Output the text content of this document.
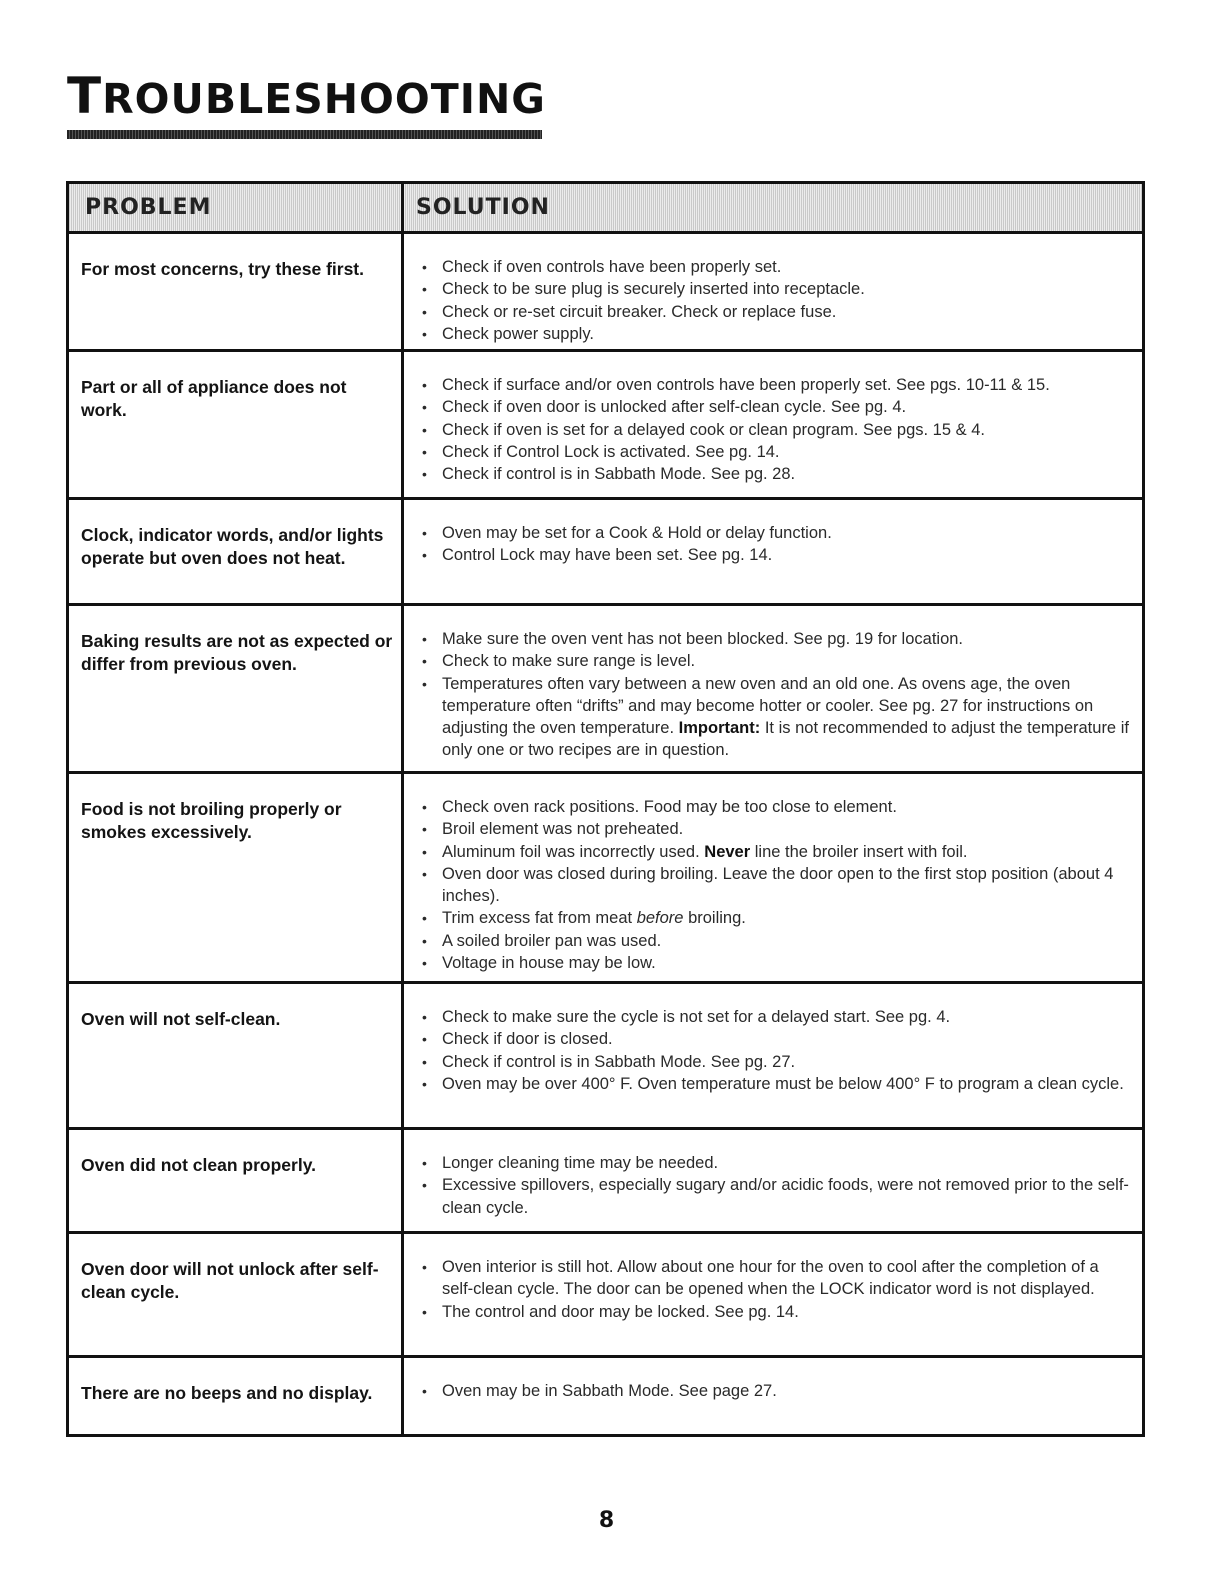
TROUBLESHOOTING
PROBLEM	SOLUTION
For most concerns, try these first.	• Check if oven controls have been properly set.
• Check to be sure plug is securely inserted into receptacle.
• Check or re-set circuit breaker. Check or replace fuse.
• Check power supply.
Part or all of appliance does not work.
• Check if surface and/or oven controls have been properly set. See pgs. 10-11 & 15.
• Check if oven door is unlocked after self-clean cycle. See pg. 4.
• Check if oven is set for a delayed cook or clean program. See pgs. 15 & 4.
• Check if Control Lock is activated. See pg. 14.
• Check if control is in Sabbath Mode. See pg. 28.
Clock, indicator words, and/or lights operate but oven does not heat.
• Oven may be set for a Cook & Hold or delay function.
• Control Lock may have been set. See pg. 14.
Baking results are not as expected or differ from previous oven.
• Make sure the oven vent has not been blocked. See pg. 19 for location.
• Check to make sure range is level.
• Temperatures often vary between a new oven and an old one. As ovens age, the oven temperature often “drifts” and may become hotter or cooler. See pg. 27 for instructions on adjusting the oven temperature. Important: It is not recommended to adjust the temperature if only one or two recipes are in question.
Food is not broiling properly or smokes excessively.
• Check oven rack positions. Food may be too close to element.
• Broil element was not preheated.
• Aluminum foil was incorrectly used. Never line the broiler insert with foil.
• Oven door was closed during broiling. Leave the door open to the first stop position (about 4 inches).
• Trim excess fat from meat before broiling.
• A soiled broiler pan was used.
• Voltage in house may be low.
Oven will not self-clean.	• Check to make sure the cycle is not set for a delayed start. See pg. 4.
• Check if door is closed.
• Check if control is in Sabbath Mode. See pg. 27.
• Oven may be over 400° F. Oven temperature must be below 400° F to program a clean cycle.
Oven did not clean properly.	• Longer cleaning time may be needed.
• Excessive spillovers, especially sugary and/or acidic foods, were not removed prior to the self-clean cycle.
Oven door will not unlock after self-clean cycle.
• Oven interior is still hot. Allow about one hour for the oven to cool after the completion of a self-clean cycle. The door can be opened when the LOCK indicator word is not displayed.
• The control and door may be locked. See pg. 14.
There are no beeps and no display.	• Oven may be in Sabbath Mode. See page 27.
8
